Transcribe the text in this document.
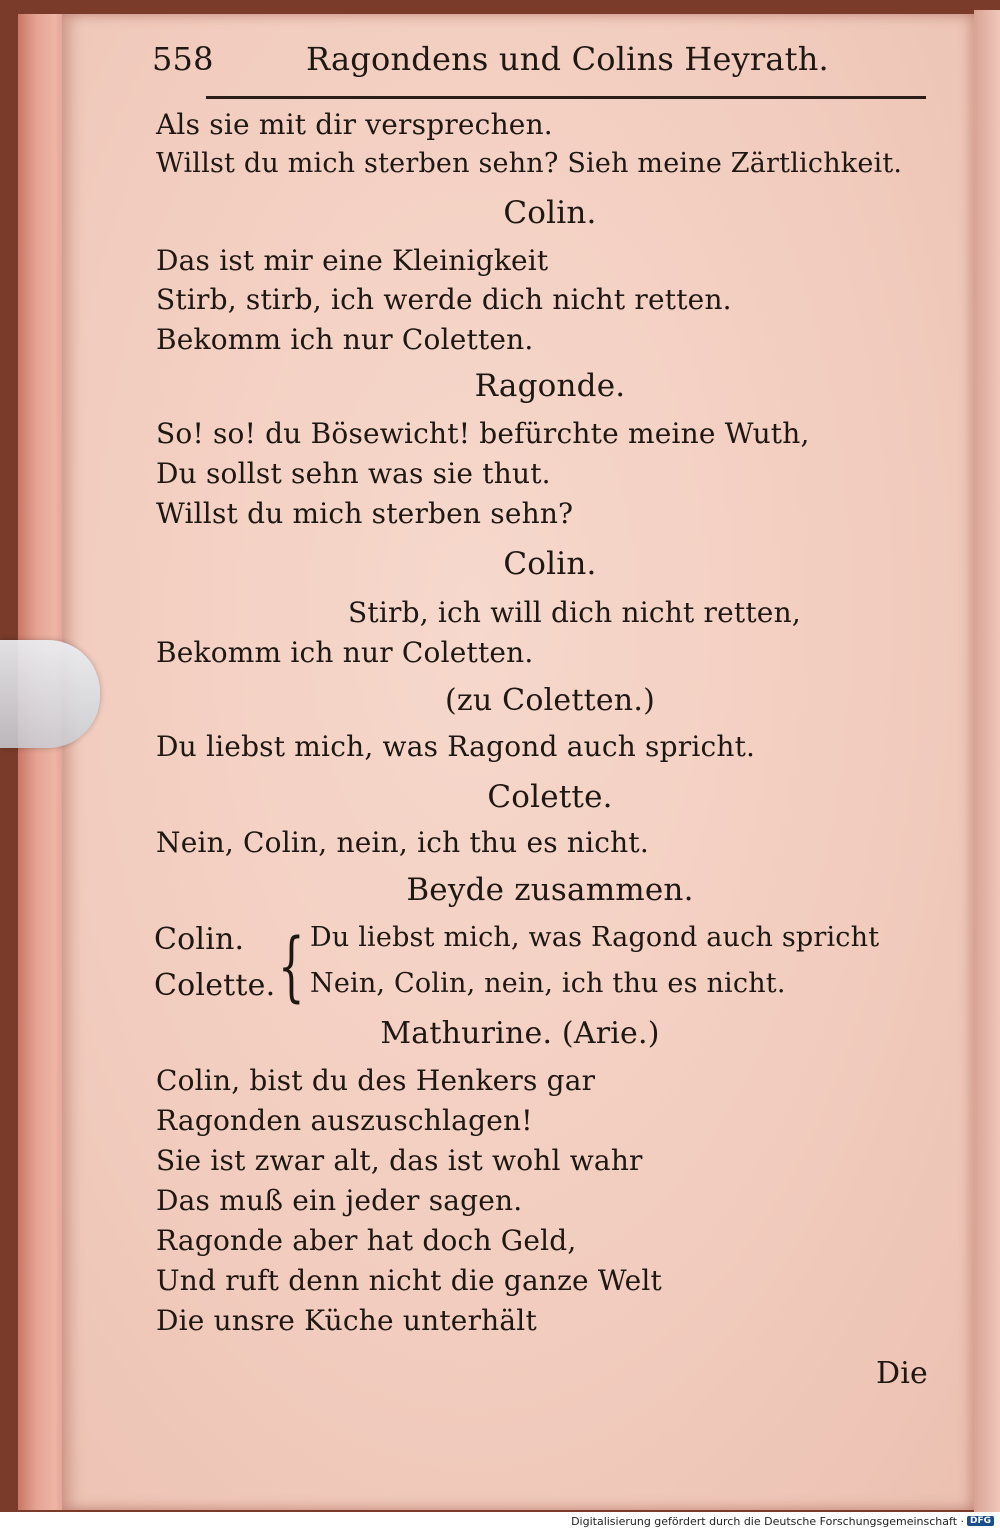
558	Ragondens und Colins Heyrath.
Als sie mit dir versprechen.
Willst du mich sterben sehn? Sieh meine Zärtlichkeit.
Colin.
Das ist mir eine Kleinigkeit
Stirb, stirb, ich werde dich nicht retten.
Bekomm ich nur Coletten.
Ragonde.
So! so! du Bösewicht! befürchte meine Wuth,
Du sollst sehn was sie thut.
Willst du mich sterben sehn?
Colin.
Stirb, ich will dich nicht retten,
Bekomm ich nur Coletten.
(zu Coletten.)
Du liebst mich, was Ragond auch spricht.
Colette.
Nein, Colin, nein, ich thu es nicht.
Beyde zusammen.
Colin. { Du liebst mich, was Ragond auch spricht
Colette. Nein, Colin, nein, ich thu es nicht.
Mathurine. (Arie.)
Colin, bist du des Henkers gar
Ragonden auszuschlagen!
Sie ist zwar alt, das ist wohl wahr
Das muß ein jeder sagen.
Ragonde aber hat doch Geld,
Und ruft denn nicht die ganze Welt
Die unsre Küche unterhält
Die
Digitalisierung gefördert durch die Deutsche Forschungsgemeinschaft · DFG
